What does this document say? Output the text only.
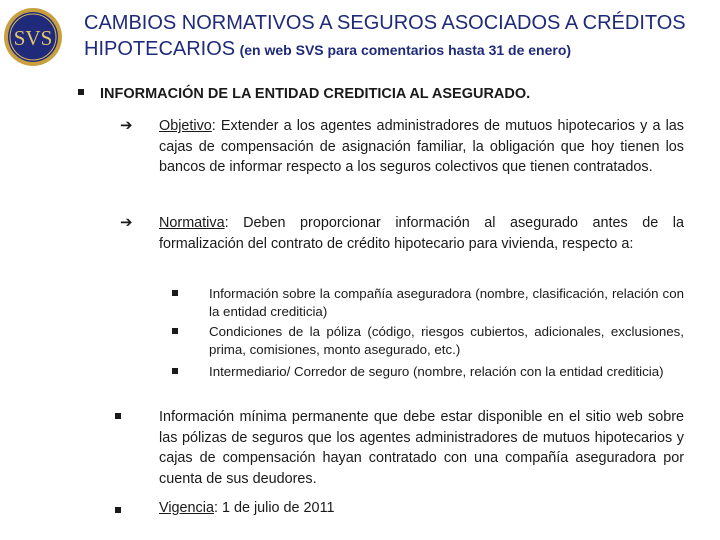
SVS
CAMBIOS NORMATIVOS A SEGUROS ASOCIADOS A CRÉDITOS
HIPOTECARIOS (en web SVS para comentarios hasta 31 de enero)
INFORMACIÓN DE LA ENTIDAD CREDITICIA AL ASEGURADO.
➔ Objetivo: Extender a los agentes administradores de mutuos hipotecarios y a las cajas de compensación de asignación familiar, la obligación que hoy tienen los bancos de informar respecto a los seguros colectivos que tienen contratados.
➔ Normativa: Deben proporcionar información al asegurado antes de la formalización del contrato de crédito hipotecario para vivienda, respecto a:
Información sobre la compañía aseguradora (nombre, clasificación, relación con la entidad crediticia)
Condiciones de la póliza (código, riesgos cubiertos, adicionales, exclusiones, prima, comisiones, monto asegurado, etc.)
Intermediario/ Corredor de seguro (nombre, relación con la entidad crediticia)
Información mínima permanente que debe estar disponible en el sitio web sobre las pólizas de seguros que los agentes administradores de mutuos hipotecarios y cajas de compensación hayan contratado con una compañía aseguradora por cuenta de sus deudores.
Vigencia: 1 de julio de 2011
